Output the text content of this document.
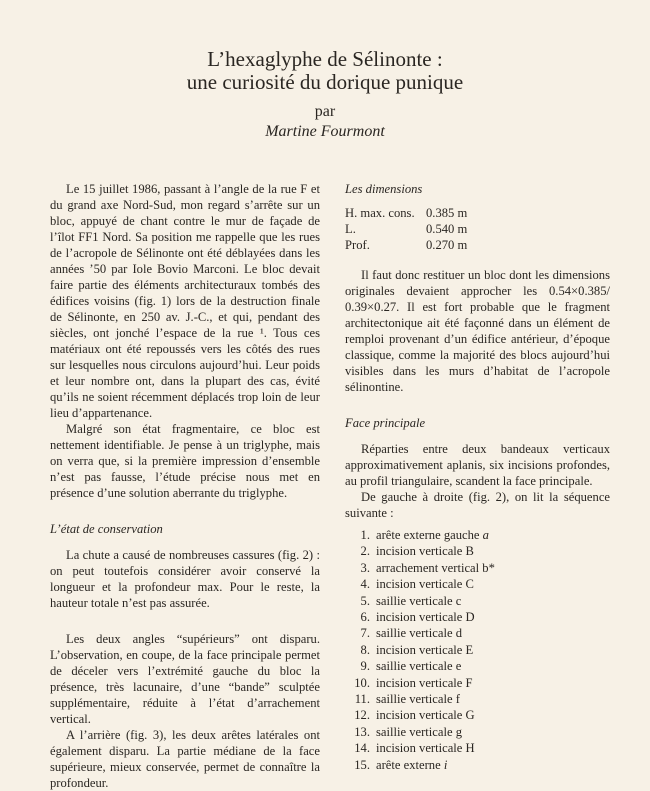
L’hexaglyphe de Sélinonte :
une curiosité du dorique punique
par
Martine Fourmont

Le 15 juillet 1986, passant à l’angle de la rue F et du grand axe Nord-Sud, mon regard s’arrête sur un bloc, appuyé de chant contre le mur de façade de l’îlot FF1 Nord. Sa position me rappelle que les rues de l’acropole de Sélinonte ont été déblayées dans les années ’50 par Iole Bovio Marconi. Le bloc devait faire partie des éléments architecturaux tombés des édifices voisins (fig. 1) lors de la destruction finale de Sélinonte, en 250 av. J.-C., et qui, pendant des siècles, ont jonché l’espace de la rue ¹. Tous ces matériaux ont été repoussés vers les côtés des rues sur lesquelles nous circulons aujourd’hui. Leur poids et leur nombre ont, dans la plupart des cas, évité qu’ils ne soient récemment déplacés trop loin de leur lieu d’appartenance.

Malgré son état fragmentaire, ce bloc est nettement identifiable. Je pense à un triglyphe, mais on verra que, si la première impression d’ensemble n’est pas fausse, l’étude précise nous met en présence d’une solution aberrante du triglyphe.

L’état de conservation

La chute a causé de nombreuses cassures (fig. 2) : on peut toutefois considérer avoir conservé la longueur et la profondeur max. Pour le reste, la hauteur totale n’est pas assurée.

Les deux angles “supérieurs” ont disparu. L’observation, en coupe, de la face principale permet de déceler vers l’extrémité gauche du bloc la présence, très lacunaire, d’une “bande” sculptée supplémentaire, réduite à l’état d’arrachement vertical.

A l’arrière (fig. 3), les deux arêtes latérales ont également disparu. La partie médiane de la face supérieure, mieux conservée, permet de connaître la profondeur.

Les dimensions
H. max. cons.	0.385 m
L.	0.540 m
Prof.	0.270 m

Il faut donc restituer un bloc dont les dimensions originales devaient approcher les 0.54×0.385/ 0.39×0.27. Il est fort probable que le fragment architectonique ait été façonné dans un élément de remploi provenant d’un édifice antérieur, d’époque classique, comme la majorité des blocs aujourd’hui visibles dans les murs d’habitat de l’acropole sélinontine.

Face principale

Réparties entre deux bandeaux verticaux approximativement aplanis, six incisions profondes, au profil triangulaire, scandent la face principale.

De gauche à droite (fig. 2), on lit la séquence suivante :

1. arête externe gauche a
2. incision verticale B
3. arrachement vertical b*
4. incision verticale C
5. saillie verticale c
6. incision verticale D
7. saillie verticale d
8. incision verticale E
9. saillie verticale e
10. incision verticale F
11. saillie verticale f
12. incision verticale G
13. saillie verticale g
14. incision verticale H
15. arête externe i
